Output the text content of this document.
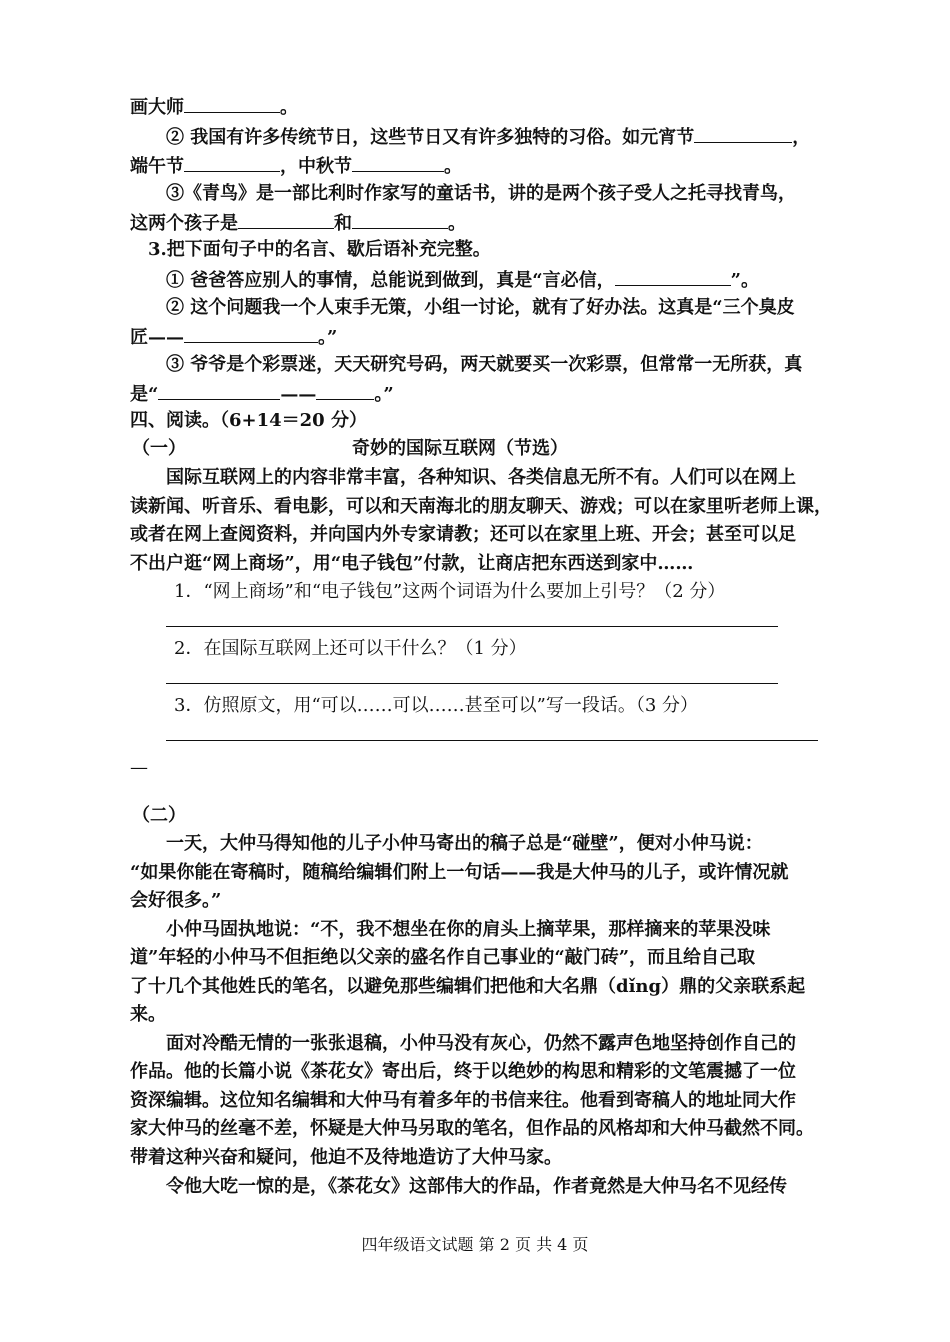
画大师	。
② 我国有许多传统节日，这些节日又有许多独特的习俗。如元宵节	，
端午节	，中秋节	。
③《青鸟》是一部比利时作家写的童话书，讲的是两个孩子受人之托寻找青鸟，
这两个孩子是	和	。
3.把下面句子中的名言、歇后语补充完整。
① 爸爸答应别人的事情，总能说到做到，真是“言必信，	”。
② 这个问题我一个人束手无策，小组一讨论，就有了好办法。这真是“三个臭皮
匠——	。”
③ 爷爷是个彩票迷，天天研究号码，两天就要买一次彩票，但常常一无所获，真
是“	——	。”
四、阅读。（6+14＝20 分）
（一）	奇妙的国际互联网（节选）
国际互联网上的内容非常丰富，各种知识、各类信息无所不有。人们可以在网上
读新闻、听音乐、看电影，可以和天南海北的朋友聊天、游戏；可以在家里听老师上课，
或者在网上查阅资料，并向国内外专家请教；还可以在家里上班、开会；甚至可以足
不出户逛“网上商场”，用“电子钱包”付款，让商店把东西送到家中……
1．“网上商场”和“电子钱包”这两个词语为什么要加上引号？（2 分）
2．在国际互联网上还可以干什么？（1 分）
3．仿照原文，用“可以……可以……甚至可以”写一段话。（3 分）
—
（二）
一天，大仲马得知他的儿子小仲马寄出的稿子总是“碰壁”，便对小仲马说：
“如果你能在寄稿时，随稿给编辑们附上一句话——我是大仲马的儿子，或许情况就
会好很多。”
小仲马固执地说：“不，我不想坐在你的肩头上摘苹果，那样摘来的苹果没味
道”年轻的小仲马不但拒绝以父亲的盛名作自己事业的“敲门砖”，而且给自己取
了十几个其他姓氏的笔名，以避免那些编辑们把他和大名鼎（dǐng）鼎的父亲联系起
来。
面对冷酷无情的一张张退稿，小仲马没有灰心，仍然不露声色地坚持创作自己的
作品。他的长篇小说《茶花女》寄出后，终于以绝妙的构思和精彩的文笔震撼了一位
资深编辑。这位知名编辑和大仲马有着多年的书信来往。他看到寄稿人的地址同大作
家大仲马的丝毫不差，怀疑是大仲马另取的笔名，但作品的风格却和大仲马截然不同。
带着这种兴奋和疑问，他迫不及待地造访了大仲马家。
令他大吃一惊的是，《茶花女》这部伟大的作品，作者竟然是大仲马名不见经传
四年级语文试题 第 2 页 共 4 页
